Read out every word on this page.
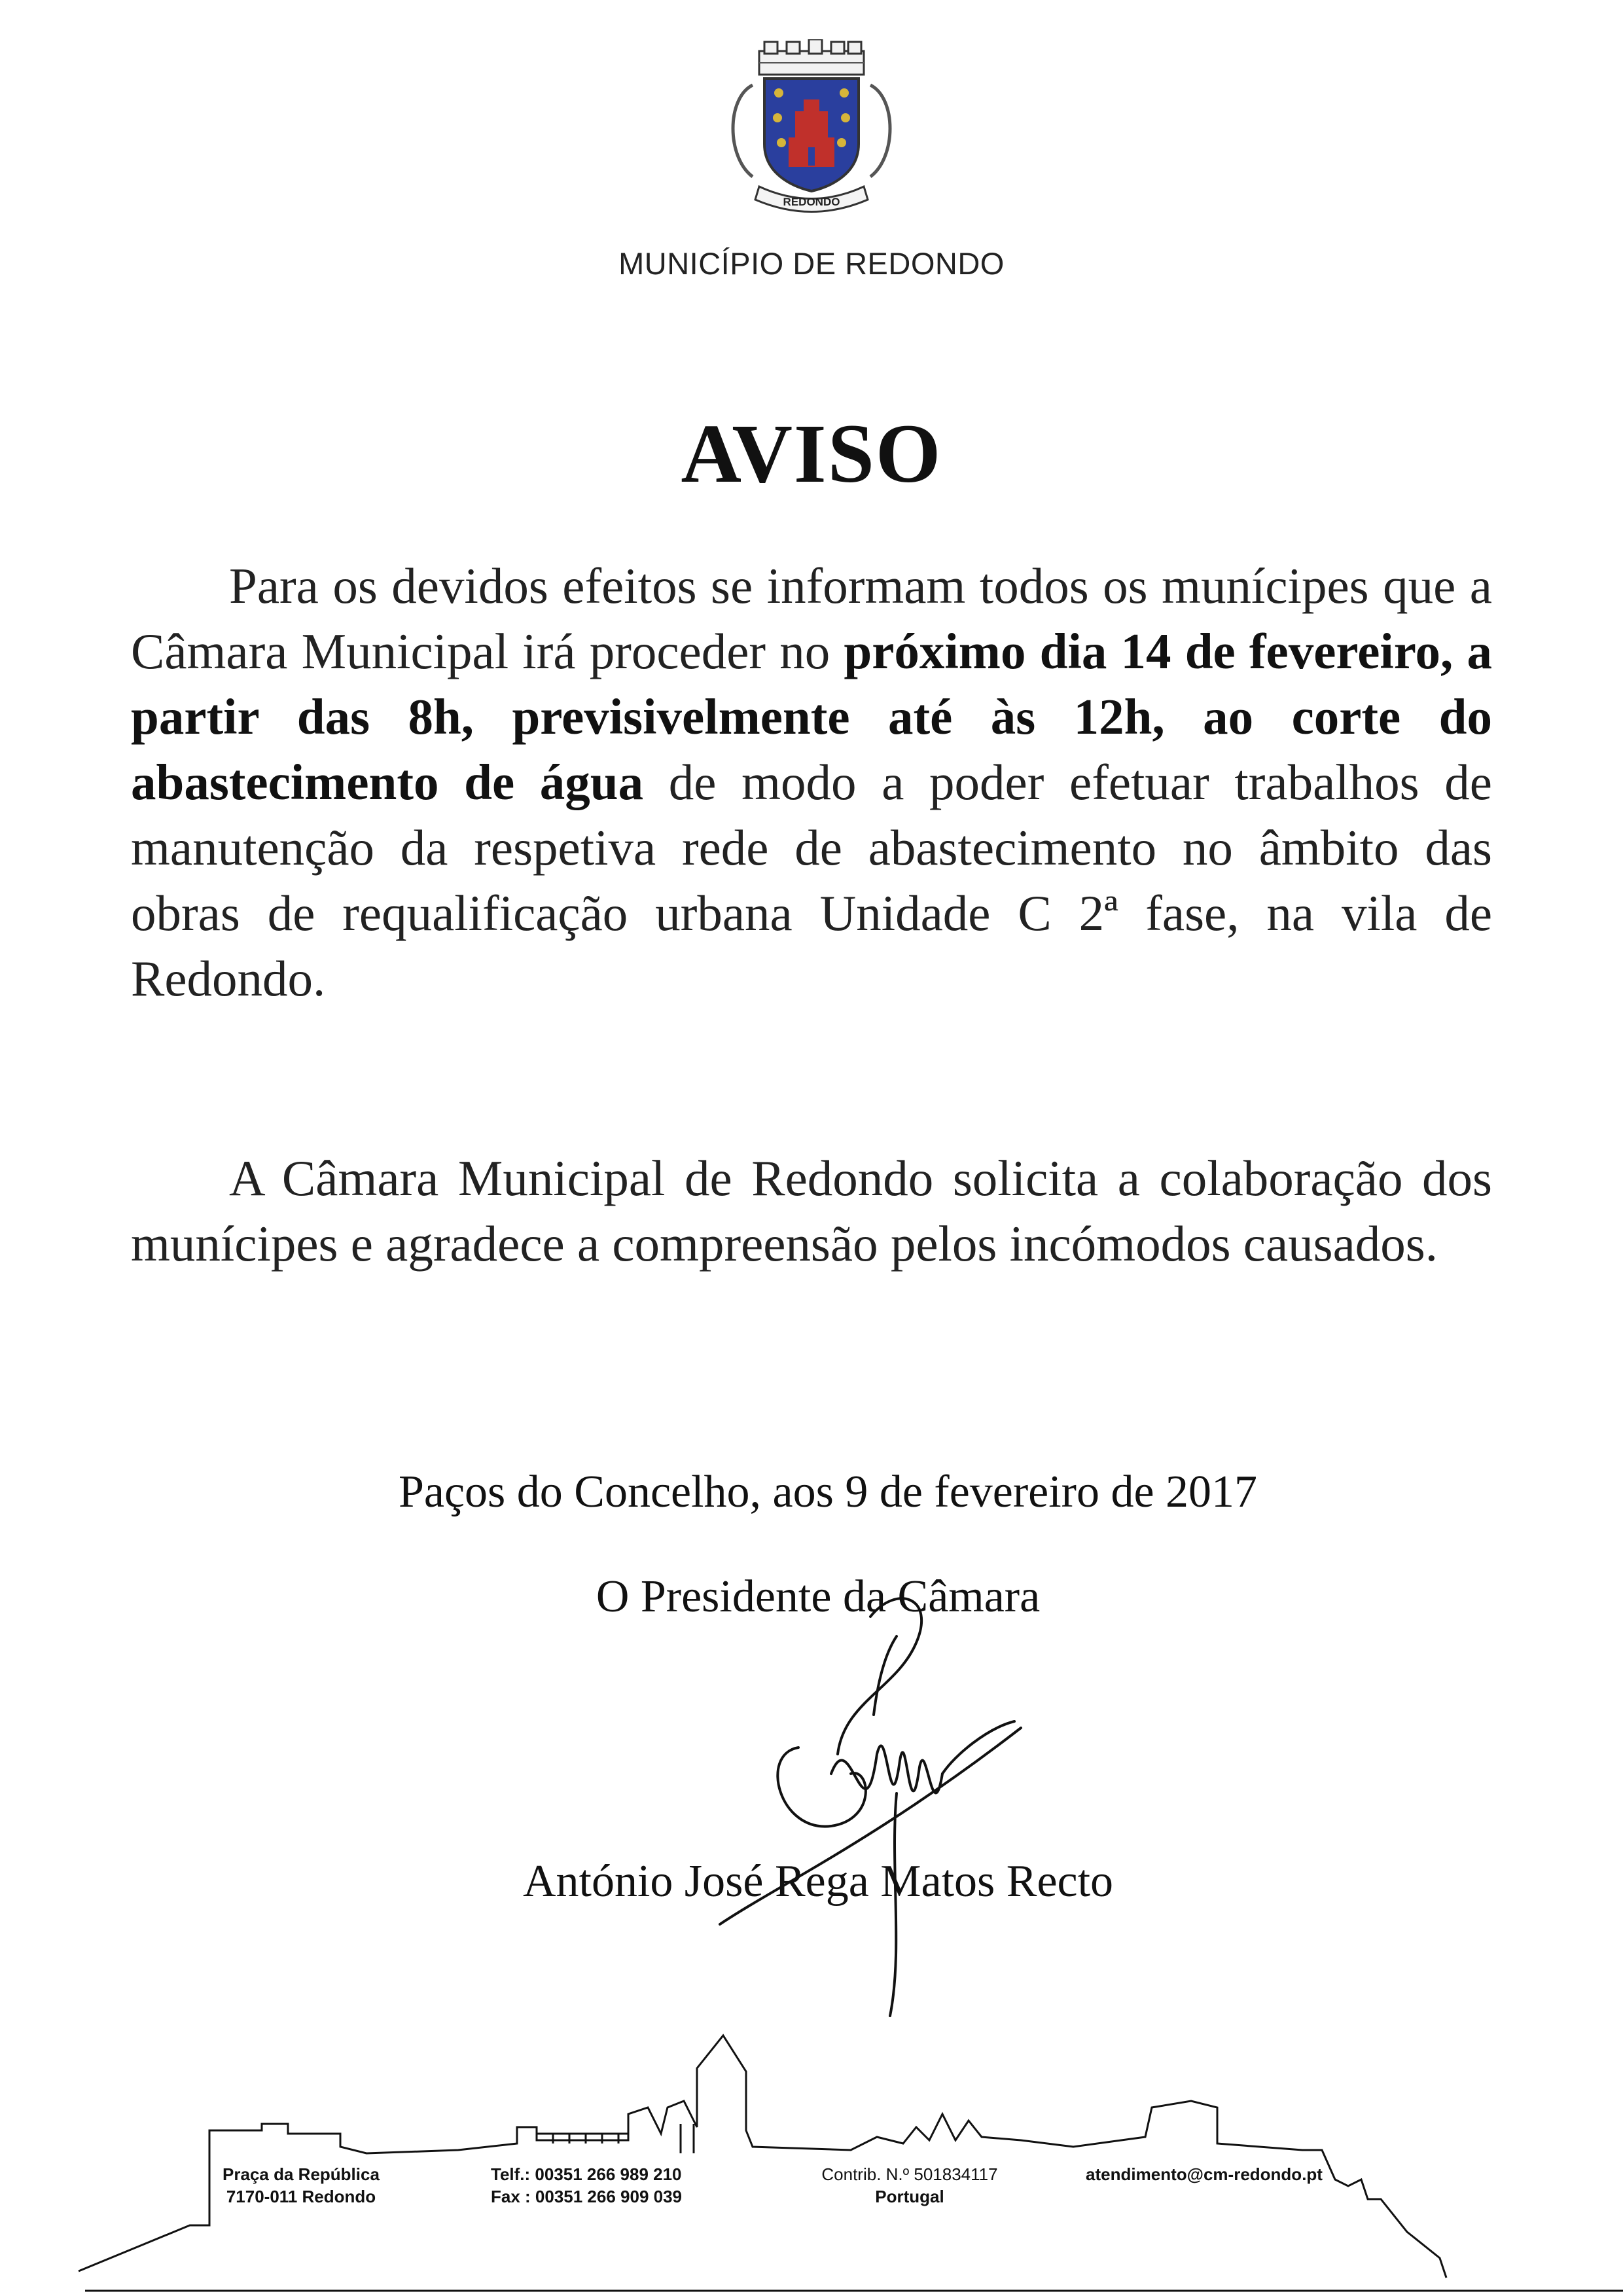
REDONDO
MUNICÍPIO DE REDONDO
AVISO

Para os devidos efeitos se informam todos os munícipes que a Câmara Municipal irá proceder no próximo dia 14 de fevereiro, a partir das 8h, previsivelmente até às 12h, ao corte do abastecimento de água de modo a poder efetuar trabalhos de manutenção da respetiva rede de abastecimento no âmbito das obras de requalificação urbana Unidade C 2ª fase, na vila de Redondo.

A Câmara Municipal de Redondo solicita a colaboração dos munícipes e agradece a compreensão pelos incómodos causados.

Paços do Concelho, aos 9 de fevereiro de 2017
O Presidente da Câmara
António José Rega Matos Recto
Praça da República
7170-011 Redondo
Telf.: 00351 266 989 210
Fax : 00351 266 909 039
Contrib. N.º 501834117
Portugal
atendimento@cm-redondo.pt
